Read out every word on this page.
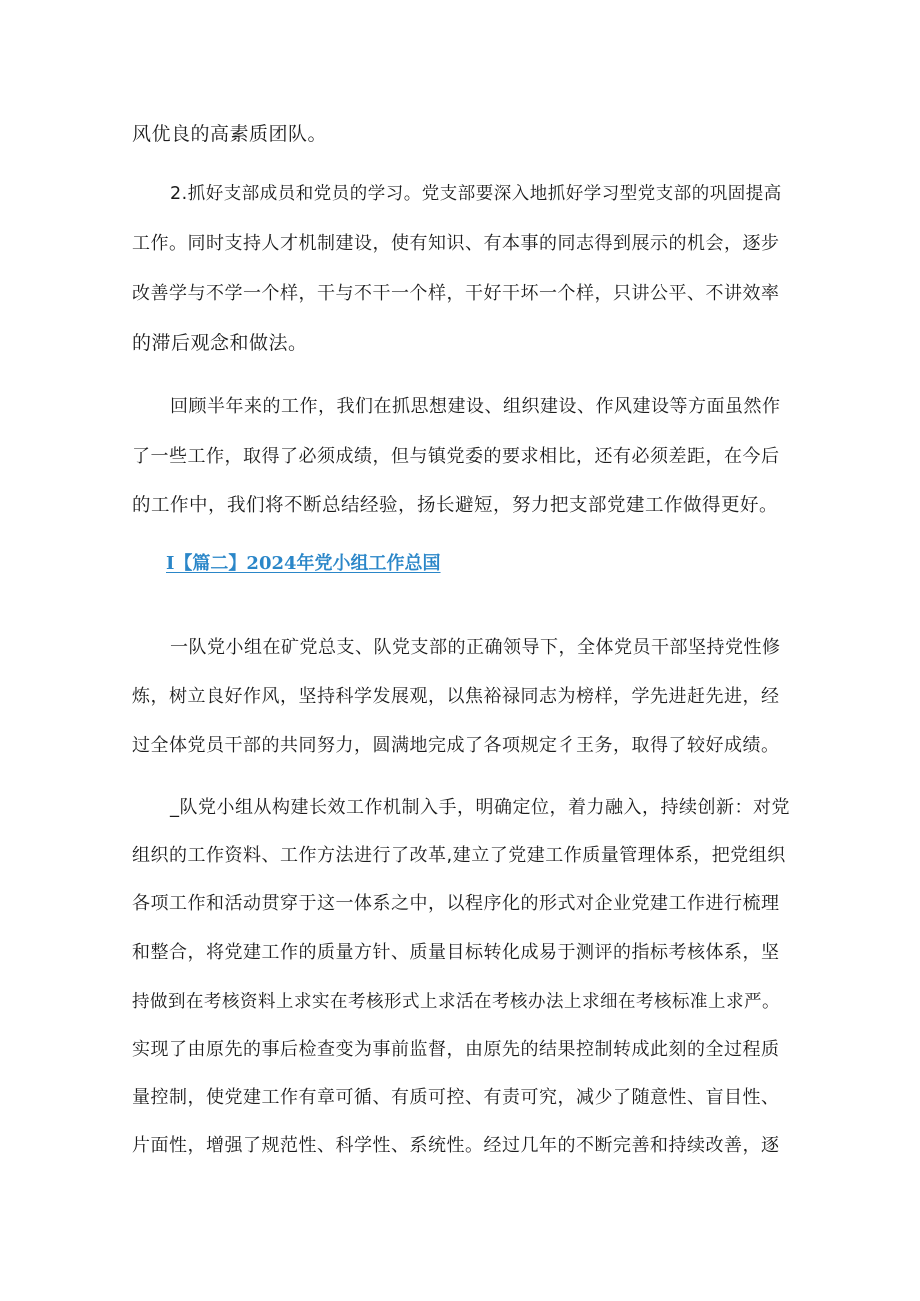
风优良的高素质团队。
2.抓好支部成员和党员的学习。党支部要深入地抓好学习型党支部的巩固提高
工作。同时支持人才机制建设，使有知识、有本事的同志得到展示的机会，逐步
改善学与不学一个样，干与不干一个样，干好干坏一个样，只讲公平、不讲效率
的滞后观念和做法。
回顾半年来的工作，我们在抓思想建设、组织建设、作风建设等方面虽然作
了一些工作，取得了必须成绩，但与镇党委的要求相比，还有必须差距，在今后
的工作中，我们将不断总结经验，扬长避短，努力把支部党建工作做得更好。
I【篇二】2024年党小组工作总国
一队党小组在矿党总支、队党支部的正确领导下，全体党员干部坚持党性修
炼，树立良好作风，坚持科学发展观，以焦裕禄同志为榜样，学先进赶先进，经
过全体党员干部的共同努力，圆满地完成了各项规定彳王务，取得了较好成绩。
_队党小组从构建长效工作机制入手，明确定位，着力融入，持续创新：对党
组织的工作资料、工作方法进行了改革,建立了党建工作质量管理体系，把党组织
各项工作和活动贯穿于这一体系之中，以程序化的形式对企业党建工作进行梳理
和整合，将党建工作的质量方针、质量目标转化成易于测评的指标考核体系，坚
持做到在考核资料上求实在考核形式上求活在考核办法上求细在考核标准上求严。
实现了由原先的事后检查变为事前监督，由原先的结果控制转成此刻的全过程质
量控制，使党建工作有章可循、有质可控、有责可究，减少了随意性、盲目性、
片面性，增强了规范性、科学性、系统性。经过几年的不断完善和持续改善，逐
